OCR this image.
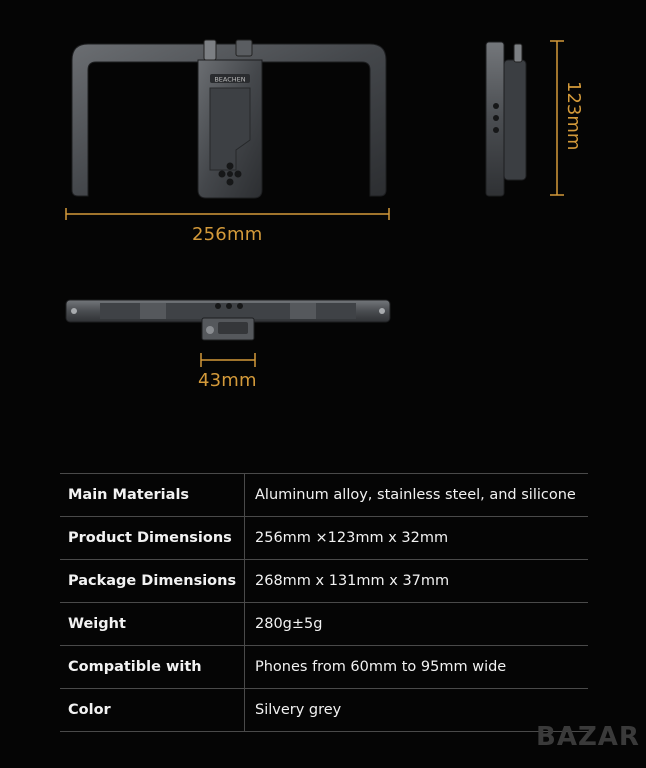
BEACHEN
256mm
123mm
43mm
Main Materials	Aluminum alloy, stainless steel, and silicone
Product Dimensions	256mm ×123mm x 32mm
Package Dimensions	268mm x 131mm x 37mm
Weight	280g±5g
Compatible with	Phones from 60mm to 95mm wide
Color	Silvery grey
BAZAR
